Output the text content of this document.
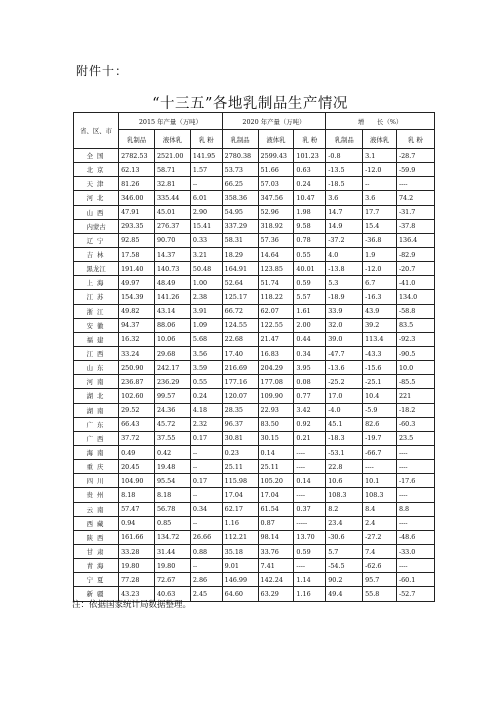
附件十：
“十三五”各地乳制品生产情况
省、区、市	2015 年产量（万吨）			2020 年产量（万吨）			增　　长（%）		
	乳制品	液体乳	乳 粉	乳制品	液体乳	乳 粉	乳制品	液体乳	乳 粉
全国	2782.53	2521.00	141.95	2780.38	2599.43	101.23	-0.8	3.1	-28.7
北京	62.13	58.71	1.57	53.73	51.66	0.63	-13.5	-12.0	-59.9
天津	81.26	32.81	--	66.25	57.03	0.24	-18.5	--	----
河北	346.00	335.44	6.01	358.36	347.56	10.47	3.6	3.6	74.2
山西	47.91	45.01	2.90	54.95	52.96	1.98	14.7	17.7	-31.7
内蒙古	293.35	276.37	15.41	337.29	318.92	9.58	14.9	15.4	-37.8
辽宁	92.85	90.70	0.33	58.31	57.36	0.78	-37.2	-36.8	136.4
吉林	17.58	14.37	3.21	18.29	14.64	0.55	4.0	1.9	-82.9
黑龙江	191.40	140.73	50.48	164.91	123.85	40.01	-13.8	-12.0	-20.7
上海	49.97	48.49	1.00	52.64	51.74	0.59	5.3	6.7	-41.0
江苏	154.39	141.26	2.38	125.17	118.22	5.57	-18.9	-16.3	134.0
浙江	49.82	43.14	3.91	66.72	62.07	1.61	33.9	43.9	-58.8
安徽	94.37	88.06	1.09	124.55	122.55	2.00	32.0	39.2	83.5
福建	16.32	10.06	5.68	22.68	21.47	0.44	39.0	113.4	-92.3
江西	33.24	29.68	3.56	17.40	16.83	0.34	-47.7	-43.3	-90.5
山东	250.90	242.17	3.59	216.69	204.29	3.95	-13.6	-15.6	10.0
河南	236.87	236.29	0.55	177.16	177.08	0.08	-25.2	-25.1	-85.5
湖北	102.60	99.57	0.24	120.07	109.90	0.77	17.0	10.4	221
湖南	29.52	24.36	4.18	28.35	22.93	3.42	-4.0	-5.9	-18.2
广东	66.43	45.72	2.32	96.37	83.50	0.92	45.1	82.6	-60.3
广西	37.72	37.55	0.17	30.81	30.15	0.21	-18.3	-19.7	23.5
海南	0.49	0.42	--	0.23	0.14	----	-53.1	-66.7	----
重庆	20.45	19.48	--	25.11	25.11	----	22.8	----	----
四川	104.90	95.54	0.17	115.98	105.20	0.14	10.6	10.1	-17.6
贵州	8.18	8.18	--	17.04	17.04	----	108.3	108.3	----
云南	57.47	56.78	0.34	62.17	61.54	0.37	8.2	8.4	8.8
西藏	0.94	0.85	--	1.16	0.87	-----	23.4	2.4	----
陕西	161.66	134.72	26.66	112.21	98.14	13.70	-30.6	-27.2	-48.6
甘肃	33.28	31.44	0.88	35.18	33.76	0.59	5.7	7.4	-33.0
青海	19.80	19.80	--	9.01	7.41	----	-54.5	-62.6	----
宁夏	77.28	72.67	2.86	146.99	142.24	1.14	90.2	95.7	-60.1
新疆	43.23	40.63	2.45	64.60	63.29	1.16	49.4	55.8	-52.7
注：依据国家统计局数据整理。
